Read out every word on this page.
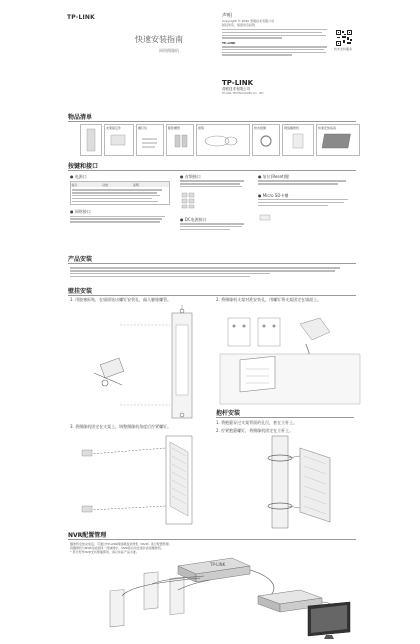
快速安装指南
网络摄像机
TP-LINK	声明
Copyright © 2020 普联技术有限公司
版权所有，保留所有权利
TP-LINK
技术支持服务
TP-LINK
普联技术有限公司
TP-LINK TECHNOLOGIES CO., LTD.
物品清单
支架固定件	螺钉包	膨胀螺管	抱箍	防水胶圈	网络摄像机	快速安装指南
按键和接口
● 电源口
接口	功能	说明
● 网络接口
● 音频接口
● DC电源接口
● 复位(Reset)键
● Micro SD卡槽
产品安装
壁挂安装
1. 用胶塞标贴，在墙面钻出螺钉安装孔，敲入膨胀螺管。	2. 将摄像机支架对准安装孔，用螺钉将支架固定在墙面上。
3. 将摄像机固定在支架上，调整摄像机角度后拧紧螺钉。
抱杆安装
1. 将抱箍穿过支架背面的孔位，套在立杆上。
2. 拧紧抱箍螺钉，将摄像机固定在立杆上。
NVR配置管理
摄像机安装完成后，可通过TP-LINK网络硬盘录像机（NVR）进行配置管理。
将摄像机与NVR连接到同一局域网中，NVR将自动发现并添加摄像机。
* 部分型号NVR支持即插即用，请以实际产品为准。
TP-LINK
